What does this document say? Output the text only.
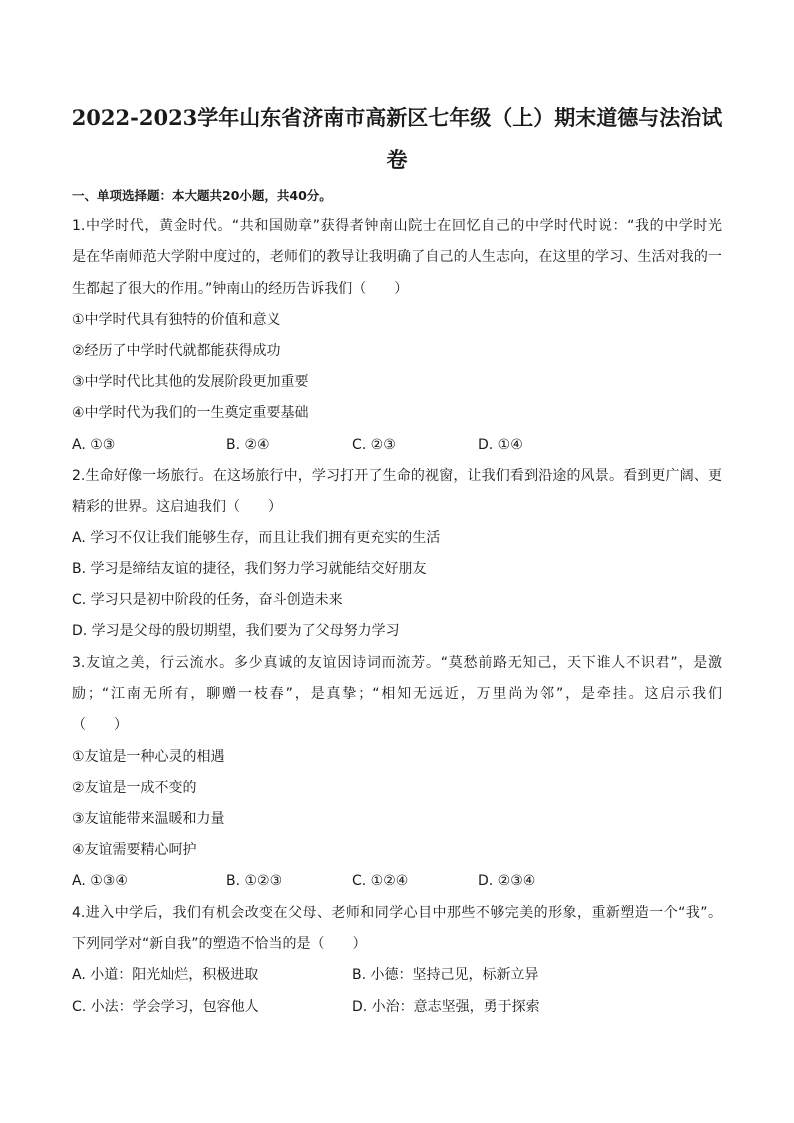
2022-2023学年山东省济南市高新区七年级（上）期末道德与法治试
卷

一、单项选择题：本大题共20小题，共40分。

1.中学时代，黄金时代。“共和国勋章”获得者钟南山院士在回忆自己的中学时代时说：“我的中学时光

是在华南师范大学附中度过的，老师们的教导让我明确了自己的人生志向，在这里的学习、生活对我的一

生都起了很大的作用。”钟南山的经历告诉我们（　　）

①中学时代具有独特的价值和意义

②经历了中学时代就都能获得成功

③中学时代比其他的发展阶段更加重要

④中学时代为我们的一生奠定重要基础

A. ①③	B. ②④	C. ②③	D. ①④

2.生命好像一场旅行。在这场旅行中，学习打开了生命的视窗，让我们看到沿途的风景。看到更广阔、更

精彩的世界。这启迪我们（　　）

A. 学习不仅让我们能够生存，而且让我们拥有更充实的生活

B. 学习是缔结友谊的捷径，我们努力学习就能结交好朋友

C. 学习只是初中阶段的任务，奋斗创造未来

D. 学习是父母的殷切期望，我们要为了父母努力学习

3.友谊之美，行云流水。多少真诚的友谊因诗词而流芳。“莫愁前路无知己，天下谁人不识君”，是激

励；“江南无所有，聊赠一枝春”，是真挚；“相知无远近，万里尚为邻”，是牵挂。这启示我们

（　　）

①友谊是一种心灵的相遇

②友谊是一成不变的

③友谊能带来温暖和力量

④友谊需要精心呵护

A. ①③④	B. ①②③	C. ①②④	D. ②③④

4.进入中学后，我们有机会改变在父母、老师和同学心目中那些不够完美的形象，重新塑造一个“我”。

下列同学对“新自我”的塑造不恰当的是（　　）

A. 小道：阳光灿烂，积极进取	B. 小德：坚持己见，标新立异

C. 小法：学会学习，包容他人	D. 小治：意志坚强，勇于探索
